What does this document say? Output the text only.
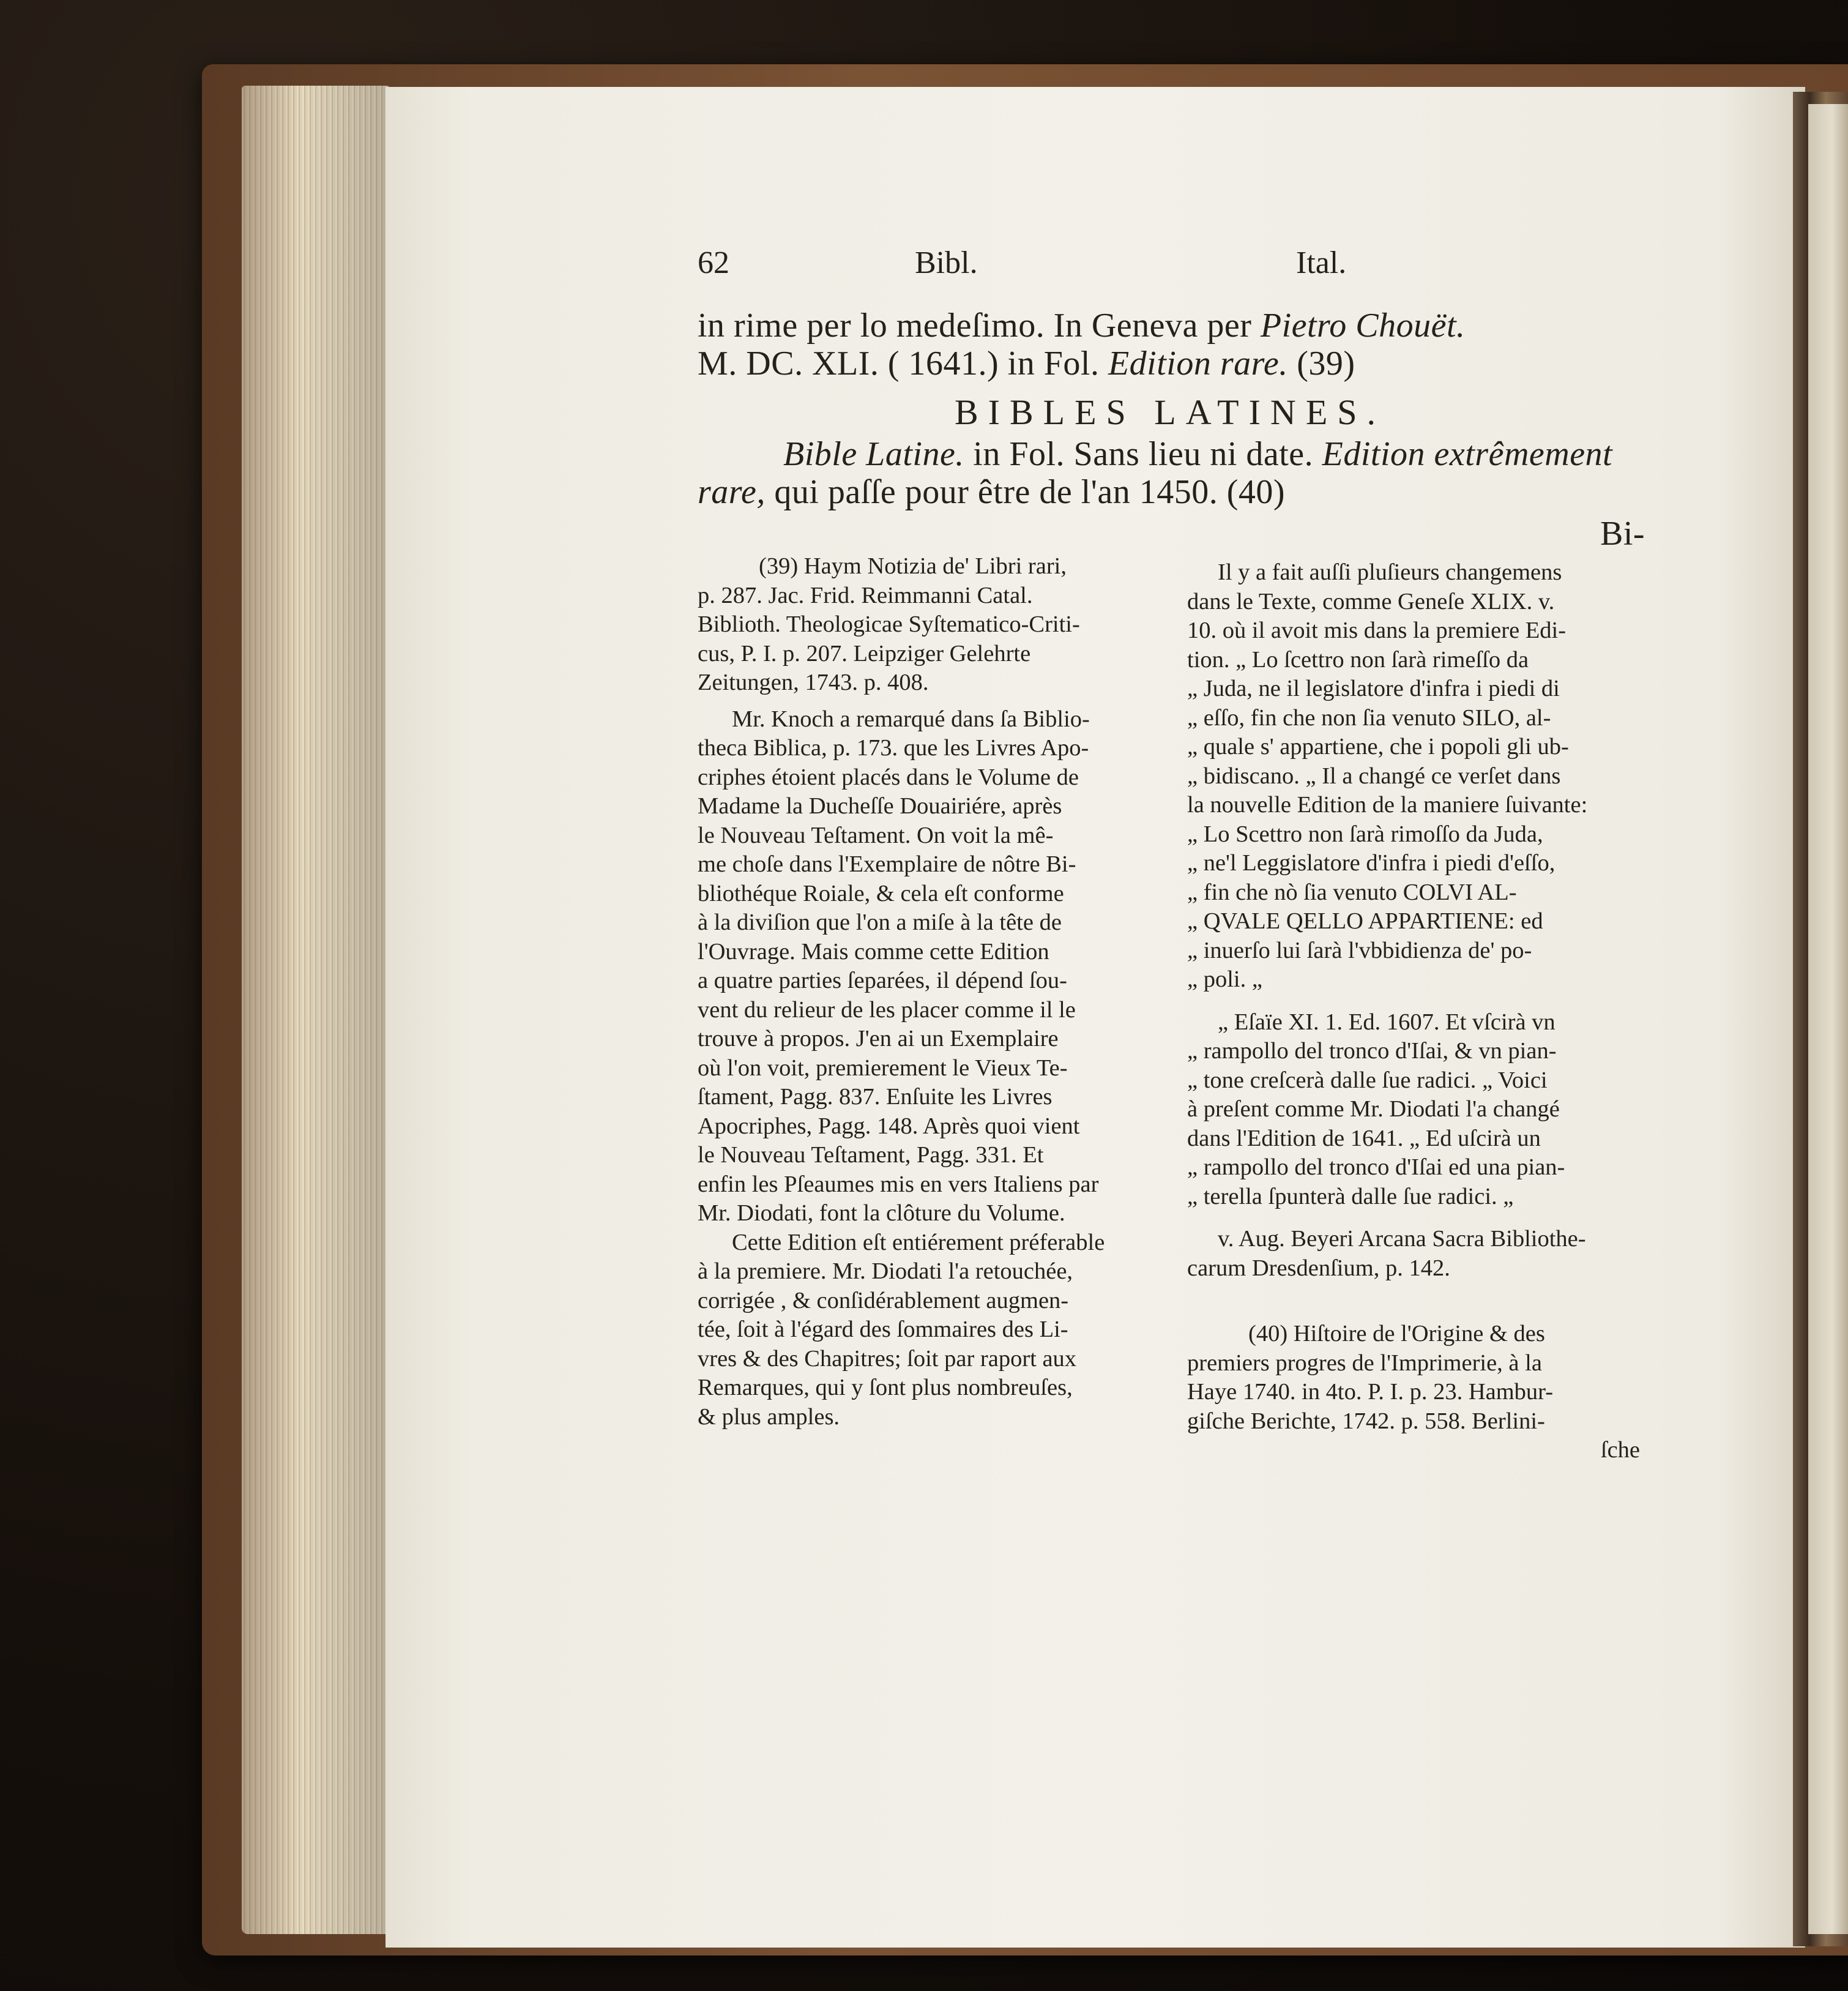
62	Bibl.	Ital.
in rime per lo medeſimo. In Geneva per Pietro Chouët.
M. DC. XLI. ( 1641.) in Fol. Edition rare. (39)
BIBLES LATINES.
Bible Latine. in Fol. Sans lieu ni date. Edition extrêmement
rare, qui paſſe pour être de l'an 1450. (40)
Bi-
(39) Haym Notizia de' Libri rari,
p. 287. Jac. Frid. Reimmanni Catal.
Biblioth. Theologicae Syſtematico-Criti-
cus, P. I. p. 207. Leipziger Gelehrte
Zeitungen, 1743. p. 408.
Mr. Knoch a remarqué dans ſa Biblio-
theca Biblica, p. 173. que les Livres Apo-
criphes étoient placés dans le Volume de
Madame la Ducheſſe Douairiére, après
le Nouveau Teſtament. On voit la mê-
me choſe dans l'Exemplaire de nôtre Bi-
bliothéque Roiale, & cela eſt conforme
à la diviſion que l'on a miſe à la tête de
l'Ouvrage. Mais comme cette Edition
a quatre parties ſeparées, il dépend ſou-
vent du relieur de les placer comme il le
trouve à propos. J'en ai un Exemplaire
où l'on voit, premierement le Vieux Te-
ſtament, Pagg. 837. Enſuite les Livres
Apocriphes, Pagg. 148. Après quoi vient
le Nouveau Teſtament, Pagg. 331. Et
enfin les Pſeaumes mis en vers Italiens par
Mr. Diodati, font la clôture du Volume.
Cette Edition eſt entiérement préferable
à la premiere. Mr. Diodati l'a retouchée,
corrigée , & conſidérablement augmen-
tée, ſoit à l'égard des ſommaires des Li-
vres & des Chapitres; ſoit par raport aux
Remarques, qui y ſont plus nombreuſes,
& plus amples.
Il y a fait auſſi pluſieurs changemens
dans le Texte, comme Geneſe XLIX. v.
10. où il avoit mis dans la premiere Edi-
tion. „ Lo ſcettro non ſarà rimeſſo da
„ Juda, ne il legislatore d'infra i piedi di
„ eſſo, fin che non ſia venuto SILO, al-
„ quale s' appartiene, che i popoli gli ub-
„ bidiscano. „ Il a changé ce verſet dans
la nouvelle Edition de la maniere ſuivante:
„ Lo Scettro non ſarà rimoſſo da Juda,
„ ne'l Leggislatore d'infra i piedi d'eſſo,
„ fin che nò ſia venuto COLVI AL-
„ QVALE QELLO APPARTIENE: ed
„ inuerſo lui ſarà l'vbbidienza de' po-
„ poli. „
„ Eſaïe XI. 1. Ed. 1607. Et vſcirà vn
„ rampollo del tronco d'Iſai, & vn pian-
„ tone creſcerà dalle ſue radici. „ Voici
à preſent comme Mr. Diodati l'a changé
dans l'Edition de 1641. „ Ed uſcirà un
„ rampollo del tronco d'Iſai ed una pian-
„ terella ſpunterà dalle ſue radici. „
v. Aug. Beyeri Arcana Sacra Bibliothe-
carum Dresdenſium, p. 142.
(40) Hiſtoire de l'Origine & des
premiers progres de l'Imprimerie, à la
Haye 1740. in 4to. P. I. p. 23. Hambur-
giſche Berichte, 1742. p. 558. Berlini-
ſche
